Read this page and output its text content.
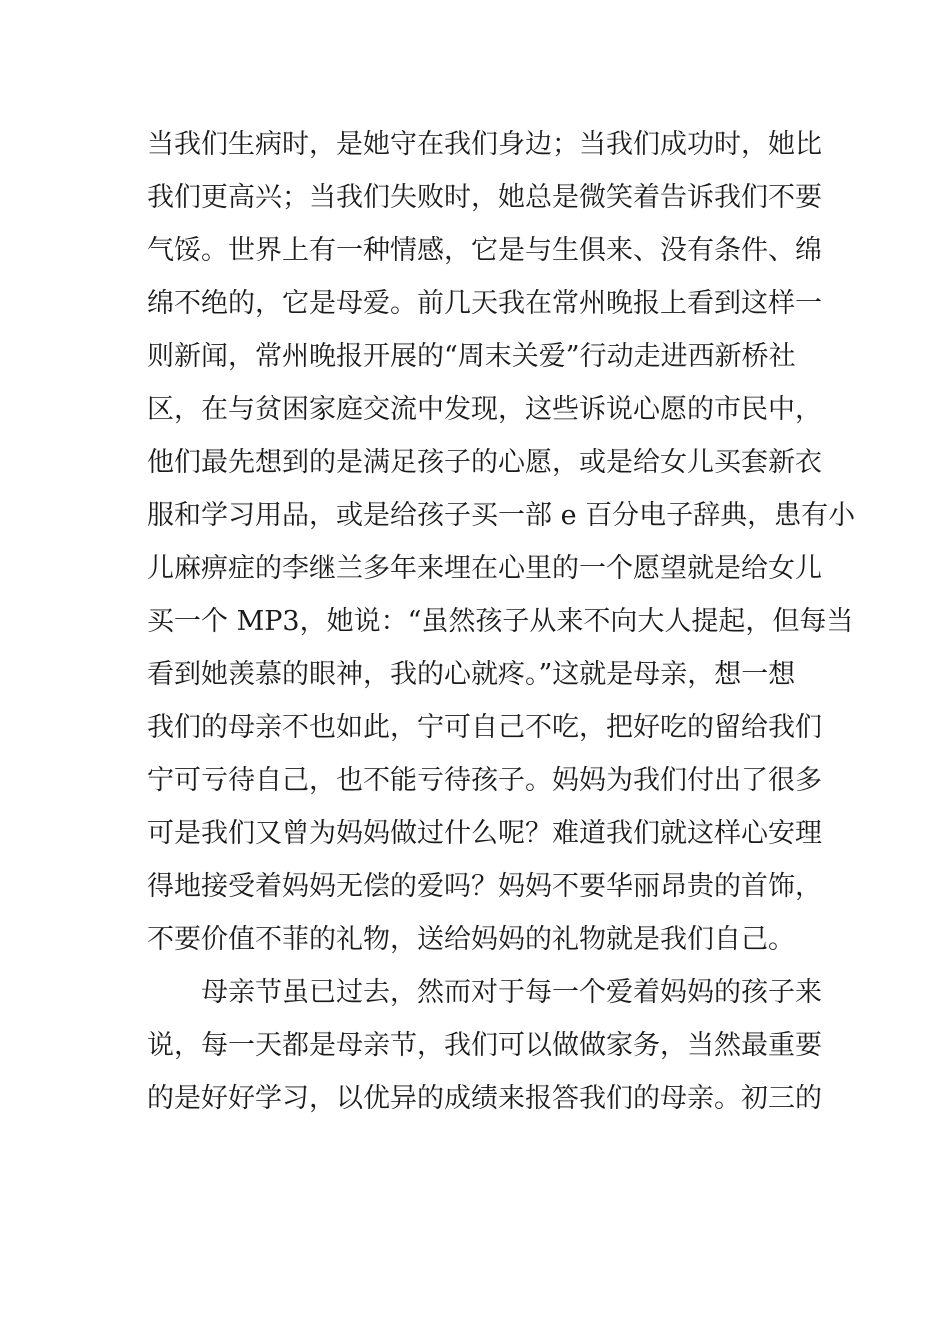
当我们生病时，是她守在我们身边；当我们成功时，她比
我们更高兴；当我们失败时，她总是微笑着告诉我们不要
气馁。世界上有一种情感，它是与生俱来、没有条件、绵
绵不绝的，它是母爱。前几天我在常州晚报上看到这样一
则新闻，常州晚报开展的“周末关爱”行动走进西新桥社
区，在与贫困家庭交流中发现，这些诉说心愿的市民中，
他们最先想到的是满足孩子的心愿，或是给女儿买套新衣
服和学习用品，或是给孩子买一部 e 百分电子辞典，患有小
儿麻痹症的李继兰多年来埋在心里的一个愿望就是给女儿
买一个 MP3，她说：“虽然孩子从来不向大人提起，但每当
看到她羡慕的眼神，我的心就疼。”这就是母亲，想一想
我们的母亲不也如此，宁可自己不吃，把好吃的留给我们
宁可亏待自己，也不能亏待孩子。妈妈为我们付出了很多
可是我们又曾为妈妈做过什么呢？难道我们就这样心安理
得地接受着妈妈无偿的爱吗？妈妈不要华丽昂贵的首饰，
不要价值不菲的礼物，送给妈妈的礼物就是我们自己。
母亲节虽已过去，然而对于每一个爱着妈妈的孩子来
说，每一天都是母亲节，我们可以做做家务，当然最重要
的是好好学习，以优异的成绩来报答我们的母亲。初三的
